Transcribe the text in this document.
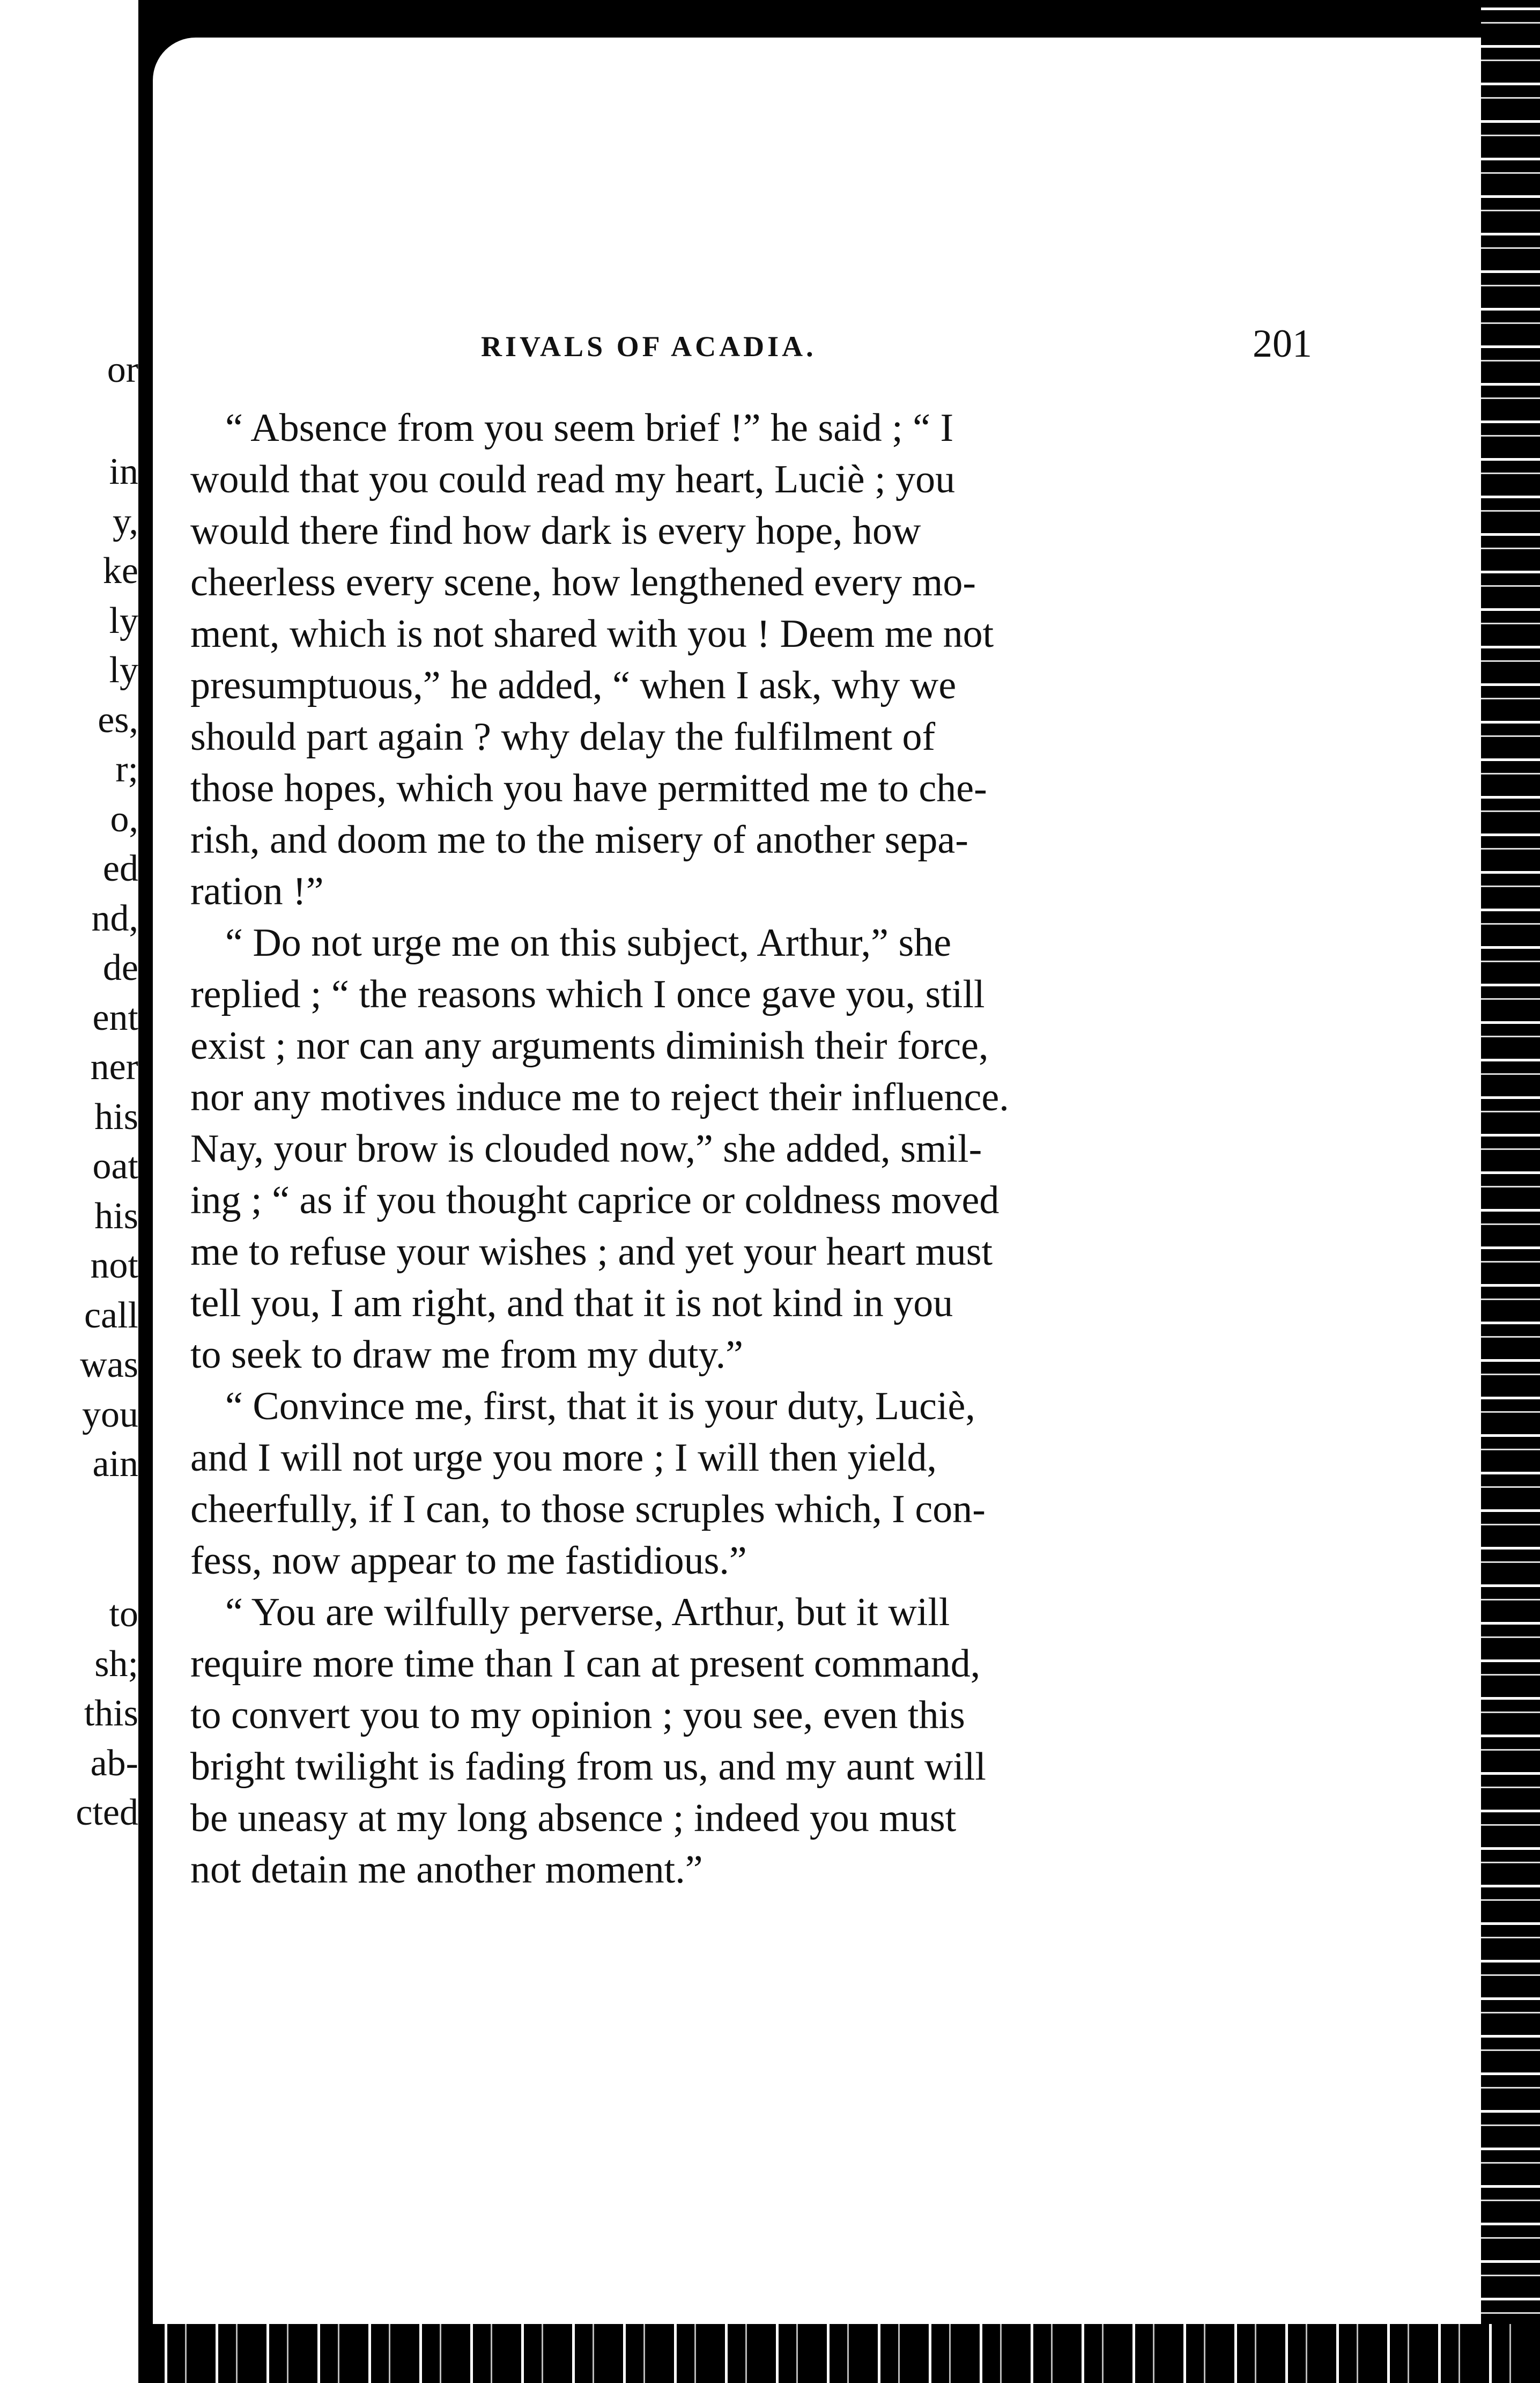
or
in
y,
ke
ly
ly
es,
r;
o,
ed
nd,
de
ent
ner
his
oat
his
not
call
was
you
ain
to
sh;
this
ab-
cted
RIVALS OF ACADIA.	201
“ Absence from you seem brief !” he said ; “ I
would that you could read my heart, Luciè ; you
would there find how dark is every hope, how
cheerless every scene, how lengthened every mo-
ment, which is not shared with you ! Deem me not
presumptuous,” he added, “ when I ask, why we
should part again ? why delay the fulfilment of
those hopes, which you have permitted me to che-
rish, and doom me to the misery of another sepa-
ration !”
“ Do not urge me on this subject, Arthur,” she
replied ; “ the reasons which I once gave you, still
exist ; nor can any arguments diminish their force,
nor any motives induce me to reject their influence.
Nay, your brow is clouded now,” she added, smil-
ing ; “ as if you thought caprice or coldness moved
me to refuse your wishes ; and yet your heart must
tell you, I am right, and that it is not kind in you
to seek to draw me from my duty.”
“ Convince me, first, that it is your duty, Luciè,
and I will not urge you more ; I will then yield,
cheerfully, if I can, to those scruples which, I con-
fess, now appear to me fastidious.”
“ You are wilfully perverse, Arthur, but it will
require more time than I can at present command,
to convert you to my opinion ; you see, even this
bright twilight is fading from us, and my aunt will
be uneasy at my long absence ; indeed you must
not detain me another moment.”
